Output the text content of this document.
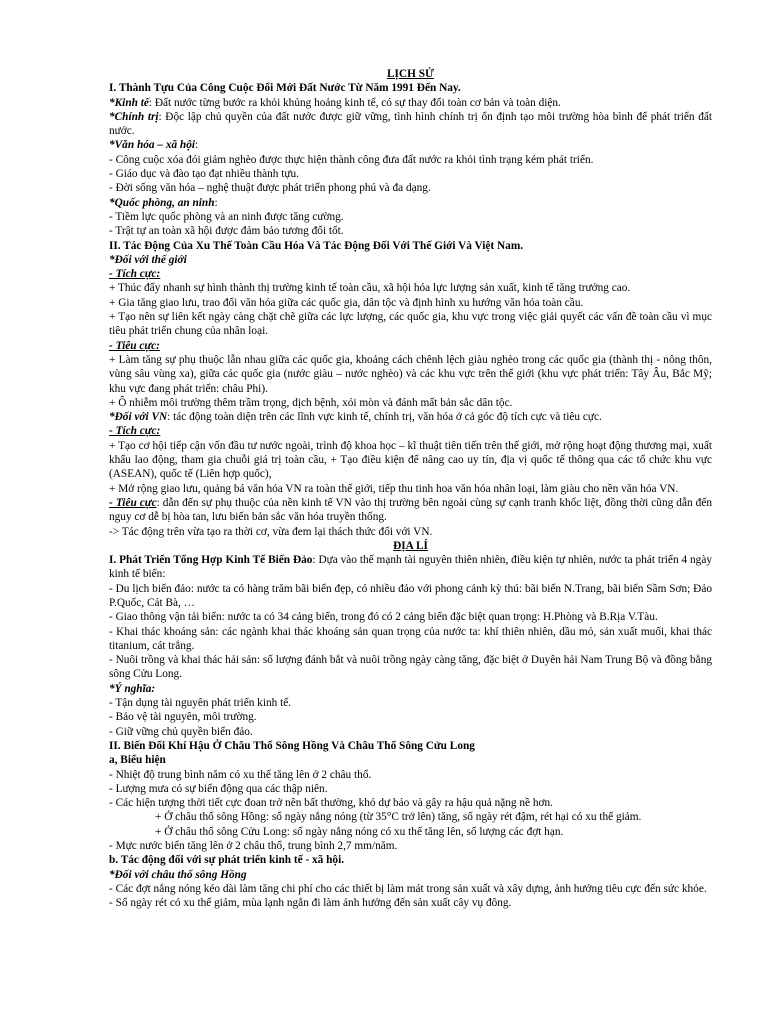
LỊCH SỬ

I. Thành Tựu Của Công Cuộc Đổi Mới Đất Nước Từ Năm 1991 Đến Nay.

*Kinh tế: Đất nước từng bước ra khỏi khủng hoảng kinh tế, có sự thay đổi toàn cơ bản và toàn diện.

*Chính trị: Độc lập chủ quyền của đất nước được giữ vững, tình hình chính trị ổn định tạo môi trường hòa bình để phát triển đất nước.

*Văn hóa – xã hội:

- Công cuộc xóa đói giảm nghèo được thực hiện thành công đưa đất nước ra khỏi tình trạng kém phát triển.

- Giáo dục và đào tạo đạt nhiều thành tựu.

- Đời sống văn hóa – nghệ thuật được phát triển phong phú và đa dạng.

*Quốc phòng, an ninh:

- Tiềm lực quốc phòng và an ninh được tăng cường.

- Trật tự an toàn xã hội được đảm bảo tương đối tốt.

II. Tác Động Của Xu Thế Toàn Cầu Hóa Và Tác Động Đối Với Thế Giới Và Việt Nam.

*Đối với thế giới

- Tích cực:

+ Thúc đẩy nhanh sự hình thành thị trường kinh tế toàn cầu, xã hội hóa lực lượng sản xuất, kinh tế tăng trưởng cao.

+ Gia tăng giao lưu, trao đổi văn hóa giữa các quốc gia, dân tộc và định hình xu hướng văn hóa toàn cầu.

+ Tạo nên sự liên kết ngày càng chặt chẽ giữa các lực lượng, các quốc gia, khu vực trong việc giải quyết các vấn đề toàn cầu vì mục tiêu phát triển chung của nhân loại.

- Tiêu cực:

+ Làm tăng sự phụ thuộc lẫn nhau giữa các quốc gia, khoảng cách chênh lệch giàu nghèo trong các quốc gia (thành thị - nông thôn, vùng sâu vùng xa), giữa các quốc gia (nước giàu – nước nghèo) và các khu vực trên thế giới (khu vực phát triển: Tây Âu, Bắc Mỹ; khu vực đang phát triển: châu Phi).

+ Ô nhiễm môi trường thêm trầm trọng, dịch bệnh, xói mòn và đánh mất bản sắc dân tộc.

*Đối với VN: tác động toàn diện trên các lĩnh vực kinh tế, chính trị, văn hóa ở cả góc độ tích cực và tiêu cực.

- Tích cực:

+ Tạo cơ hội tiếp cận vốn đầu tư nước ngoài, trình độ khoa học – kĩ thuật tiên tiến trên thế giới, mở rộng hoạt động thương mại, xuất khẩu lao động, tham gia chuỗi giá trị toàn cầu, + Tạo điều kiện để nâng cao uy tín, địa vị quốc tế thông qua các tổ chức khu vực (ASEAN), quốc tế (Liên hợp quốc),

+ Mở rộng giao lưu, quảng bá văn hóa VN ra toàn thế giới, tiếp thu tinh hoa văn hóa nhân loại, làm giàu cho nền văn hóa VN.

- Tiêu cực: dẫn đến sự phụ thuộc của nền kinh tế VN vào thị trường bên ngoài cùng sự cạnh tranh khốc liệt, đồng thời cũng dẫn đến nguy cơ dễ bị hòa tan, lưu biến bản sắc văn hóa truyền thống.

-> Tác động trên vừa tạo ra thời cơ, vừa đem lại thách thức đối với VN.

ĐỊA LÍ

I. Phát Triển Tổng Hợp Kinh Tế Biển Đảo: Dựa vào thế mạnh tài nguyên thiên nhiên, điều kiện tự nhiên, nước ta phát triển 4 ngày kinh tế biển:

- Du lịch biển đảo: nước ta có hàng trăm bãi biển đẹp, có nhiều đảo với phong cảnh kỳ thú: bãi biển N.Trang, bãi biển Sầm Sơn; Đảo P.Quốc, Cát Bà, …

- Giao thông vận tải biển: nước ta có 34 cảng biển, trong đó có 2 cảng biển đặc biệt quan trọng: H.Phòng và B.Rịa V.Tàu.

- Khai thác khoáng sản: các ngành khai thác khoáng sản quan trọng của nước ta: khí thiên nhiên, dầu mỏ, sản xuất muối, khai thác titanium, cát trắng.

- Nuôi trồng và khai thác hải sản: số lượng đánh bắt và nuôi trồng ngày càng tăng, đặc biệt ở Duyên hải Nam Trung Bộ và đồng bằng sông Cửu Long.

*Ý nghĩa:

- Tận dụng tài nguyên phát triển kinh tế.

- Bảo vệ tài nguyên, môi trường.

- Giữ vững chủ quyền biển đảo.

II. Biến Đổi Khí Hậu Ở Châu Thổ Sông Hồng Và Châu Thổ Sông Cửu Long

a, Biểu hiện

- Nhiệt độ trung bình năm có xu thế tăng lên ở 2 châu thổ.

- Lượng mưa có sự biến động qua các thập niên.

- Các hiện tượng thời tiết cực đoan trở nên bất thường, khó dự báo và gây ra hậu quả nặng nề hơn.

+ Ở châu thổ sông Hồng: số ngày nắng nóng (từ 35°C trở lên) tăng, số ngày rét đậm, rét hại có xu thế giảm.

+ Ở châu thổ sông Cửu Long: số ngày nắng nóng có xu thế tăng lên, số lượng các đợt hạn.

- Mực nước biển tăng lên ở 2 châu thổ, trung bình 2,7 mm/năm.

b. Tác động đối với sự phát triển kinh tế - xã hội.

*Đối với châu thổ sông Hồng

- Các đợt nắng nóng kéo dài làm tăng chi phí cho các thiết bị làm mát trong sản xuất và xây dựng, ảnh hưởng tiêu cực đến sức khỏe.

- Số ngày rét có xu thế giảm, mùa lạnh ngắn đi làm ảnh hưởng đến sản xuất cây vụ đông.
